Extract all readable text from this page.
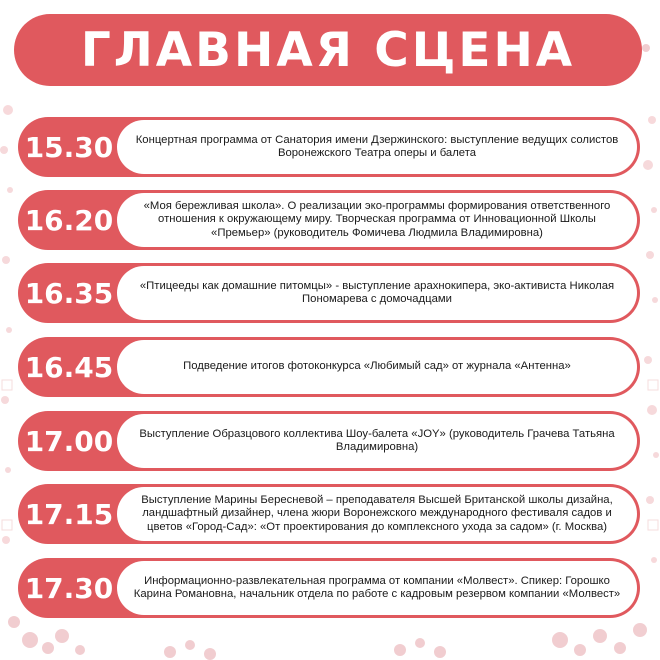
ГЛАВНАЯ СЦЕНА
15.30	Концертная программа от Санатория имени Дзержинского: выступление ведущих солистов Воронежского Театра оперы и балета
16.20	«Моя бережливая школа». О реализации эко-программы формирования ответственного отношения к окружающему миру. Творческая программа от Инновационной Школы «Премьер» (руководитель Фомичева Людмила Владимировна)
16.35	«Птицееды как домашние питомцы» - выступление арахнокипера, эко-активиста Николая Пономарева с домочадцами
16.45	Подведение итогов фотоконкурса «Любимый сад» от журнала «Антенна»
17.00	Выступление Образцового коллектива Шоу-балета «JOY» (руководитель Грачева Татьяна Владимировна)
17.15	Выступление Марины Бересневой – преподавателя Высшей Британской школы дизайна, ландшафтный дизайнер, члена жюри Воронежского международного фестиваля садов и цветов «Город-Сад»: «От проектирования до комплексного ухода за садом» (г. Москва)
17.30	Информационно-развлекательная программа от компании «Молвест». Спикер: Горошко Карина Романовна, начальник отдела по работе с кадровым резервом компании «Молвест»
